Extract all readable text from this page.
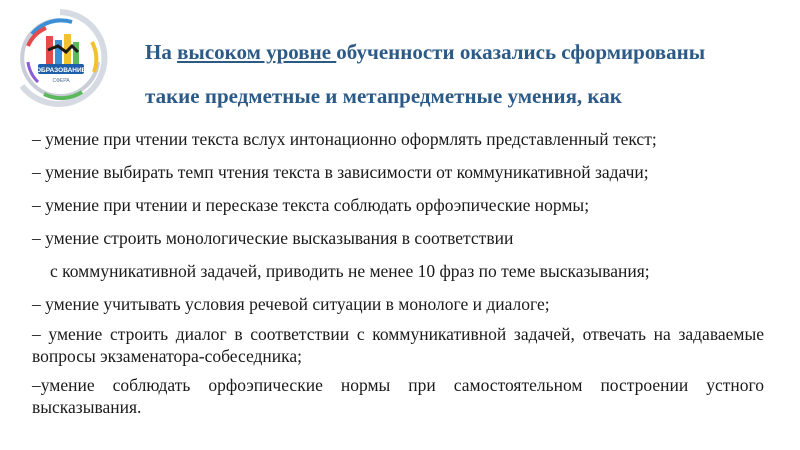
ОБРАЗОВАНИЕ
СФЕРА
На высоком уровне обученности оказались сформированы
такие предметные и метапредметные умения, как
– умение при чтении текста вслух интонационно оформлять представленный текст;
– умение выбирать темп чтения текста в зависимости от коммуникативной задачи;
– умение при чтении и пересказе текста соблюдать орфоэпические нормы;
– умение строить монологические высказывания в соответствии
с коммуникативной задачей, приводить не менее 10 фраз по теме высказывания;
– умение учитывать условия речевой ситуации в монологе и диалоге;
– умение строить диалог в соответствии с коммуникативной задачей, отвечать на задаваемые вопросы экзаменатора-собеседника;
–умение соблюдать орфоэпические нормы при самостоятельном построении устного высказывания.
